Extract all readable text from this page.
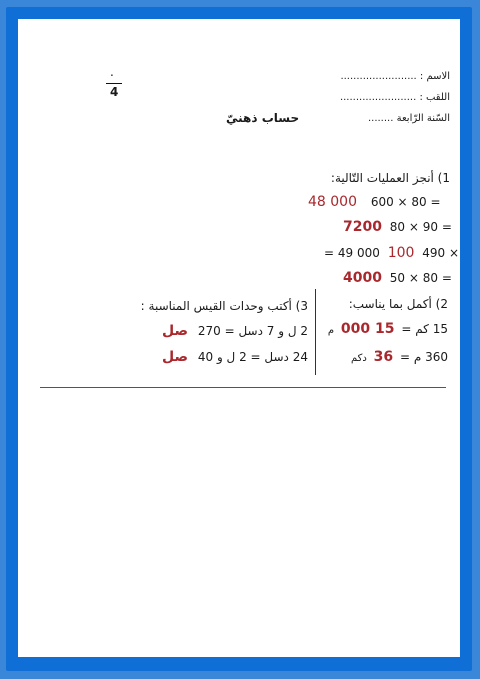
.
4
الاسم : ........................
اللقب : ........................
السّنة الرّابعة ........
حساب ذهنيّ
1) أنجز العمليات التّالية:
48 000 600 × 80 =
7200 80 × 90 =
= 49 000 100 490 ×
4000 50 × 80 =
2) أكمل بما يناسب:
15 كم = 15 000 م
360 م = 36 دكم
3) أكتب وحدات القيس المناسبة :
2 ل و 7 دسل = 270 صل
24 دسل = 2 ل و 40 صل
